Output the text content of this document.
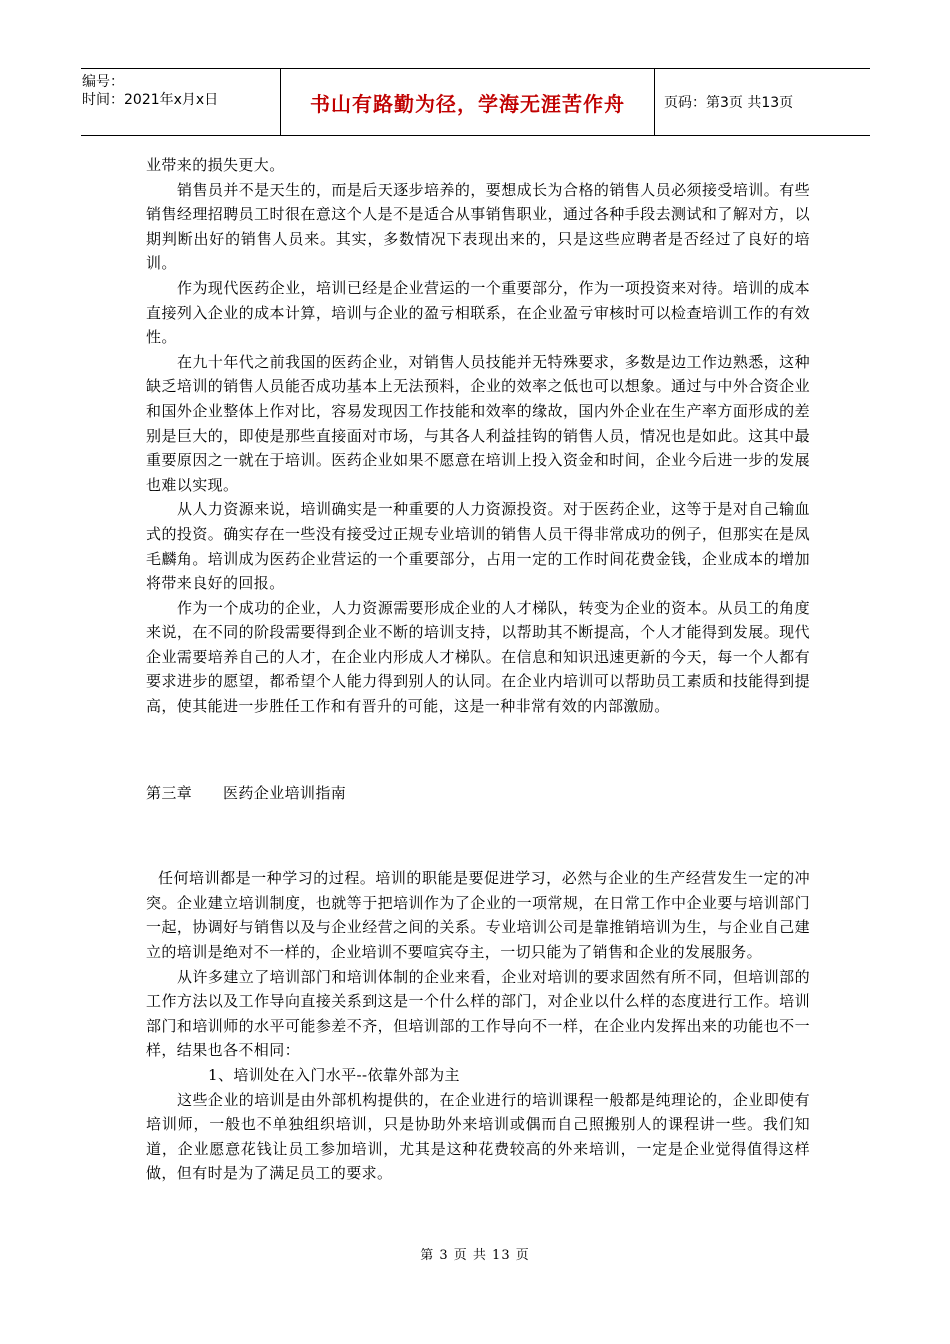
编号：
时间：2021年x月x日	书山有路勤为径，学海无涯苦作舟	页码：第3页 共13页

业带来的损失更大。

销售员并不是天生的，而是后天逐步培养的，要想成长为合格的销售人员必须接受培训。有些销售经理招聘员工时很在意这个人是不是适合从事销售职业，通过各种手段去测试和了解对方，以期判断出好的销售人员来。其实，多数情况下表现出来的，只是这些应聘者是否经过了良好的培训。

作为现代医药企业，培训已经是企业营运的一个重要部分，作为一项投资来对待。培训的成本直接列入企业的成本计算，培训与企业的盈亏相联系，在企业盈亏审核时可以检查培训工作的有效性。

在九十年代之前我国的医药企业，对销售人员技能并无特殊要求，多数是边工作边熟悉，这种缺乏培训的销售人员能否成功基本上无法预料，企业的效率之低也可以想象。通过与中外合资企业和国外企业整体上作对比，容易发现因工作技能和效率的缘故，国内外企业在生产率方面形成的差别是巨大的，即使是那些直接面对市场，与其各人利益挂钩的销售人员，情况也是如此。这其中最重要原因之一就在于培训。医药企业如果不愿意在培训上投入资金和时间，企业今后进一步的发展也难以实现。

从人力资源来说，培训确实是一种重要的人力资源投资。对于医药企业，这等于是对自己输血式的投资。确实存在一些没有接受过正规专业培训的销售人员干得非常成功的例子，但那实在是凤毛麟角。培训成为医药企业营运的一个重要部分，占用一定的工作时间花费金钱，企业成本的增加将带来良好的回报。

作为一个成功的企业，人力资源需要形成企业的人才梯队，转变为企业的资本。从员工的角度来说，在不同的阶段需要得到企业不断的培训支持，以帮助其不断提高，个人才能得到发展。现代企业需要培养自己的人才，在企业内形成人才梯队。在信息和知识迅速更新的今天，每一个人都有要求进步的愿望，都希望个人能力得到别人的认同。在企业内培训可以帮助员工素质和技能得到提高，使其能进一步胜任工作和有晋升的可能，这是一种非常有效的内部激励。

第三章　　医药企业培训指南

任何培训都是一种学习的过程。培训的职能是要促进学习，必然与企业的生产经营发生一定的冲突。企业建立培训制度，也就等于把培训作为了企业的一项常规，在日常工作中企业要与培训部门一起，协调好与销售以及与企业经营之间的关系。专业培训公司是靠推销培训为生，与企业自己建立的培训是绝对不一样的，企业培训不要喧宾夺主，一切只能为了销售和企业的发展服务。

从许多建立了培训部门和培训体制的企业来看，企业对培训的要求固然有所不同，但培训部的工作方法以及工作导向直接关系到这是一个什么样的部门，对企业以什么样的态度进行工作。培训部门和培训师的水平可能参差不齐，但培训部的工作导向不一样，在企业内发挥出来的功能也不一样，结果也各不相同：

1、培训处在入门水平--依靠外部为主

这些企业的培训是由外部机构提供的，在企业进行的培训课程一般都是纯理论的，企业即使有培训师，一般也不单独组织培训，只是协助外来培训或偶而自己照搬别人的课程讲一些。我们知道，企业愿意花钱让员工参加培训，尤其是这种花费较高的外来培训，一定是企业觉得值得这样做，但有时是为了满足员工的要求。

第 3 页 共 13 页
